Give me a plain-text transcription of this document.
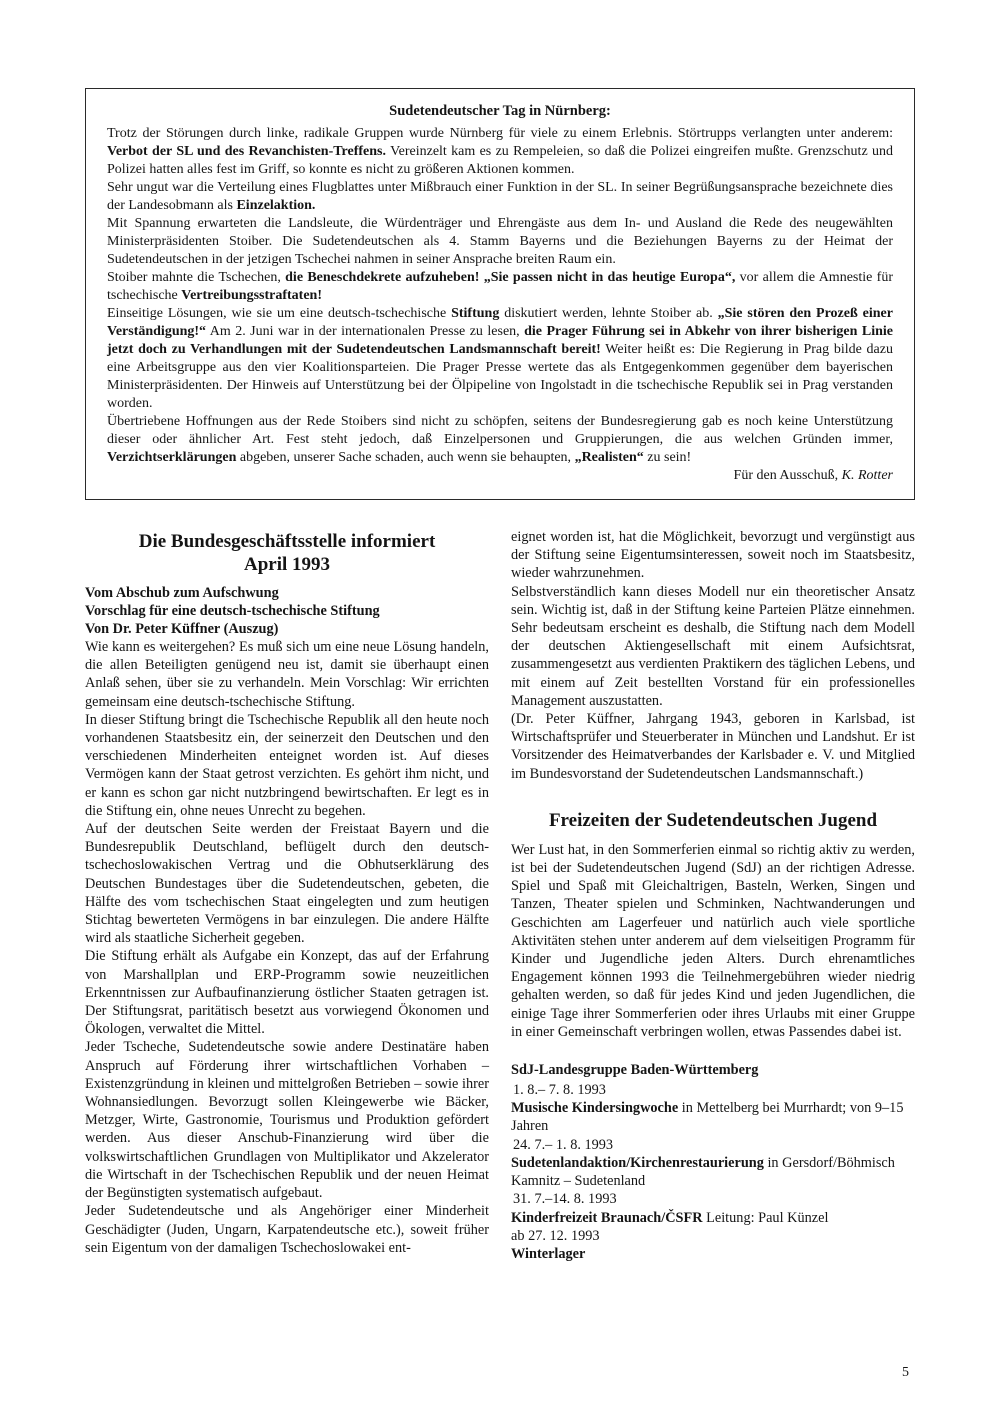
Sudetendeutscher Tag in Nürnberg:

Trotz der Störungen durch linke, radikale Gruppen wurde Nürnberg für viele zu einem Erlebnis. Störtrupps verlangten unter anderem: Verbot der SL und des Revanchisten-Treffens. Vereinzelt kam es zu Rempeleien, so daß die Polizei eingreifen mußte. Grenzschutz und Polizei hatten alles fest im Griff, so konnte es nicht zu größeren Aktionen kommen.

Sehr ungut war die Verteilung eines Flugblattes unter Mißbrauch einer Funktion in der SL. In seiner Begrüßungsansprache bezeichnete dies der Landesobmann als Einzelaktion.

Mit Spannung erwarteten die Landsleute, die Würdenträger und Ehrengäste aus dem In- und Ausland die Rede des neugewählten Ministerpräsidenten Stoiber. Die Sudetendeutschen als 4. Stamm Bayerns und die Beziehungen Bayerns zu der Heimat der Sudetendeutschen in der jetzigen Tschechei nahmen in seiner Ansprache breiten Raum ein.

Stoiber mahnte die Tschechen, die Beneschdekrete aufzuheben! „Sie passen nicht in das heutige Europa“, vor allem die Amnestie für tschechische Vertreibungsstraftaten!

Einseitige Lösungen, wie sie um eine deutsch-tschechische Stiftung diskutiert werden, lehnte Stoiber ab. „Sie stören den Prozeß einer Verständigung!“ Am 2. Juni war in der internationalen Presse zu lesen, die Prager Führung sei in Abkehr von ihrer bisherigen Linie jetzt doch zu Verhandlungen mit der Sudetendeutschen Landsmannschaft bereit! Weiter heißt es: Die Regierung in Prag bilde dazu eine Arbeitsgruppe aus den vier Koalitionsparteien. Die Prager Presse wertete das als Entgegenkommen gegenüber dem bayerischen Ministerpräsidenten. Der Hinweis auf Unterstützung bei der Ölpipeline von Ingolstadt in die tschechische Republik sei in Prag verstanden worden.

Übertriebene Hoffnungen aus der Rede Stoibers sind nicht zu schöpfen, seitens der Bundesregierung gab es noch keine Unterstützung dieser oder ähnlicher Art. Fest steht jedoch, daß Einzelpersonen und Gruppierungen, die aus welchen Gründen immer, Verzichtserklärungen abgeben, unserer Sache schaden, auch wenn sie behaupten, „Realisten“ zu sein!

Für den Ausschuß, K. Rotter

Die Bundesgeschäftsstelle informiert
April 1993
Vom Abschub zum Aufschwung
Vorschlag für eine deutsch-tschechische Stiftung
Von Dr. Peter Küffner (Auszug)

Wie kann es weitergehen? Es muß sich um eine neue Lösung handeln, die allen Beteiligten genügend neu ist, damit sie überhaupt einen Anlaß sehen, über sie zu verhandeln. Mein Vorschlag: Wir errichten gemeinsam eine deutsch-tschechische Stiftung.

In dieser Stiftung bringt die Tschechische Republik all den heute noch vorhandenen Staatsbesitz ein, der seinerzeit den Deutschen und den verschiedenen Minderheiten enteignet worden ist. Auf dieses Vermögen kann der Staat getrost verzichten. Es gehört ihm nicht, und er kann es schon gar nicht nutzbringend bewirtschaften. Er legt es in die Stiftung ein, ohne neues Unrecht zu begehen.

Auf der deutschen Seite werden der Freistaat Bayern und die Bundesrepublik Deutschland, beflügelt durch den deutsch-tschechoslowakischen Vertrag und die Obhutserklärung des Deutschen Bundestages über die Sudetendeutschen, gebeten, die Hälfte des vom tschechischen Staat eingelegten und zum heutigen Stichtag bewerteten Vermögens in bar einzulegen. Die andere Hälfte wird als staatliche Sicherheit gegeben.

Die Stiftung erhält als Aufgabe ein Konzept, das auf der Erfahrung von Marshallplan und ERP-Programm sowie neuzeitlichen Erkenntnissen zur Aufbaufinanzierung östlicher Staaten getragen ist. Der Stiftungsrat, paritätisch besetzt aus vorwiegend Ökonomen und Ökologen, verwaltet die Mittel.

Jeder Tscheche, Sudetendeutsche sowie andere Destinatäre haben Anspruch auf Förderung ihrer wirtschaftlichen Vorhaben – Existenzgründung in kleinen und mittelgroßen Betrieben – sowie ihrer Wohnansiedlungen. Bevorzugt sollen Kleingewerbe wie Bäcker, Metzger, Wirte, Gastronomie, Tourismus und Produktion gefördert werden. Aus dieser Anschub-Finanzierung wird über die volkswirtschaftlichen Grundlagen von Multiplikator und Akzelerator die Wirtschaft in der Tschechischen Republik und der neuen Heimat der Begünstigten systematisch aufgebaut.

Jeder Sudetendeutsche und als Angehöriger einer Minderheit Geschädigter (Juden, Ungarn, Karpatendeutsche etc.), soweit früher sein Eigentum von der damaligen Tschechoslowakei ent-

eignet worden ist, hat die Möglichkeit, bevorzugt und vergünstigt aus der Stiftung seine Eigentumsinteressen, soweit noch im Staatsbesitz, wieder wahrzunehmen.

Selbstverständlich kann dieses Modell nur ein theoretischer Ansatz sein. Wichtig ist, daß in der Stiftung keine Parteien Plätze einnehmen. Sehr bedeutsam erscheint es deshalb, die Stiftung nach dem Modell der deutschen Aktiengesellschaft mit einem Aufsichtsrat, zusammengesetzt aus verdienten Praktikern des täglichen Lebens, und mit einem auf Zeit bestellten Vorstand für ein professionelles Management auszustatten.

(Dr. Peter Küffner, Jahrgang 1943, geboren in Karlsbad, ist Wirtschaftsprüfer und Steuerberater in München und Landshut. Er ist Vorsitzender des Heimatverbandes der Karlsbader e. V. und Mitglied im Bundesvorstand der Sudetendeutschen Landsmannschaft.)

Freizeiten der Sudetendeutschen Jugend

Wer Lust hat, in den Sommerferien einmal so richtig aktiv zu werden, ist bei der Sudetendeutschen Jugend (SdJ) an der richtigen Adresse. Spiel und Spaß mit Gleichaltrigen, Basteln, Werken, Singen und Tanzen, Theater spielen und Schminken, Nachtwanderungen und Geschichten am Lagerfeuer und natürlich auch viele sportliche Aktivitäten stehen unter anderem auf dem vielseitigen Programm für Kinder und Jugendliche jeden Alters. Durch ehrenamtliches Engagement können 1993 die Teilnehmergebühren wieder niedrig gehalten werden, so daß für jedes Kind und jeden Jugendlichen, die einige Tage ihrer Sommerferien oder ihres Urlaubs mit einer Gruppe in einer Gemeinschaft verbringen wollen, etwas Passendes dabei ist.

SdJ-Landesgruppe Baden-Württemberg

1. 8.– 7. 8. 1993

Musische Kindersingwoche in Mettelberg bei Murrhardt; von 9–15 Jahren

24. 7.– 1. 8. 1993

Sudetenlandaktion/Kirchenrestaurierung in Gersdorf/Böhmisch Kamnitz – Sudetenland

31. 7.–14. 8. 1993

Kinderfreizeit Braunach/ČSFR Leitung: Paul Künzel

ab 27. 12. 1993

Winterlager

5
